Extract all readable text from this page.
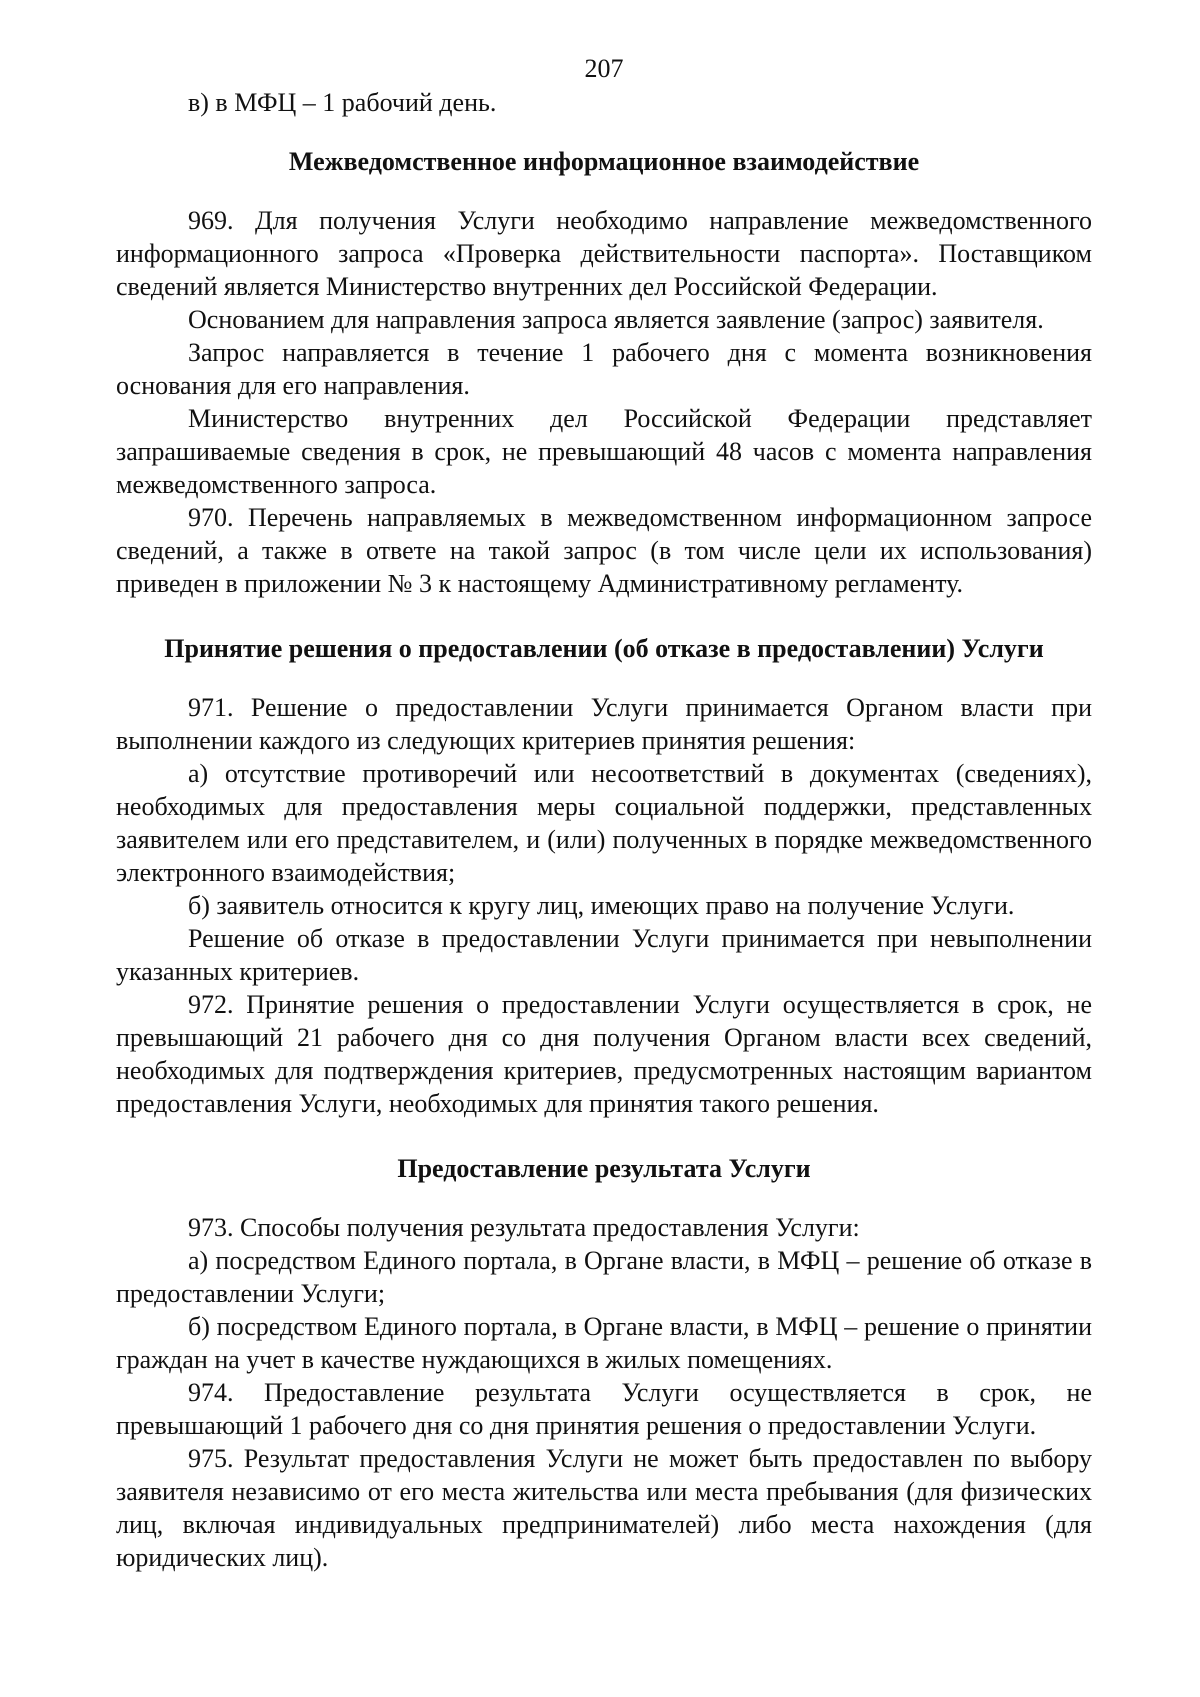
207

в) в МФЦ – 1 рабочий день.

Межведомственное информационное взаимодействие

969. Для получения Услуги необходимо направление межведомственного информационного запроса «Проверка действительности паспорта». Поставщиком сведений является Министерство внутренних дел Российской Федерации.

Основанием для направления запроса является заявление (запрос) заявителя.

Запрос направляется в течение 1 рабочего дня с момента возникновения основания для его направления.

Министерство внутренних дел Российской Федерации представляет запрашиваемые сведения в срок, не превышающий 48 часов с момента направления межведомственного запроса.

970. Перечень направляемых в межведомственном информационном запросе сведений, а также в ответе на такой запрос (в том числе цели их использования) приведен в приложении № 3 к настоящему Административному регламенту.

Принятие решения о предоставлении (об отказе в предоставлении) Услуги

971. Решение о предоставлении Услуги принимается Органом власти при выполнении каждого из следующих критериев принятия решения:

а) отсутствие противоречий или несоответствий в документах (сведениях), необходимых для предоставления меры социальной поддержки, представленных заявителем или его представителем, и (или) полученных в порядке межведомственного электронного взаимодействия;

б) заявитель относится к кругу лиц, имеющих право на получение Услуги.

Решение об отказе в предоставлении Услуги принимается при невыполнении указанных критериев.

972. Принятие решения о предоставлении Услуги осуществляется в срок, не превышающий 21 рабочего дня со дня получения Органом власти всех сведений, необходимых для подтверждения критериев, предусмотренных настоящим вариантом предоставления Услуги, необходимых для принятия такого решения.

Предоставление результата Услуги

973. Способы получения результата предоставления Услуги:

а) посредством Единого портала, в Органе власти, в МФЦ – решение об отказе в предоставлении Услуги;

б) посредством Единого портала, в Органе власти, в МФЦ – решение о принятии граждан на учет в качестве нуждающихся в жилых помещениях.

974. Предоставление результата Услуги осуществляется в срок, не превышающий 1 рабочего дня со дня принятия решения о предоставлении Услуги.

975. Результат предоставления Услуги не может быть предоставлен по выбору заявителя независимо от его места жительства или места пребывания (для физических лиц, включая индивидуальных предпринимателей) либо места нахождения (для юридических лиц).
